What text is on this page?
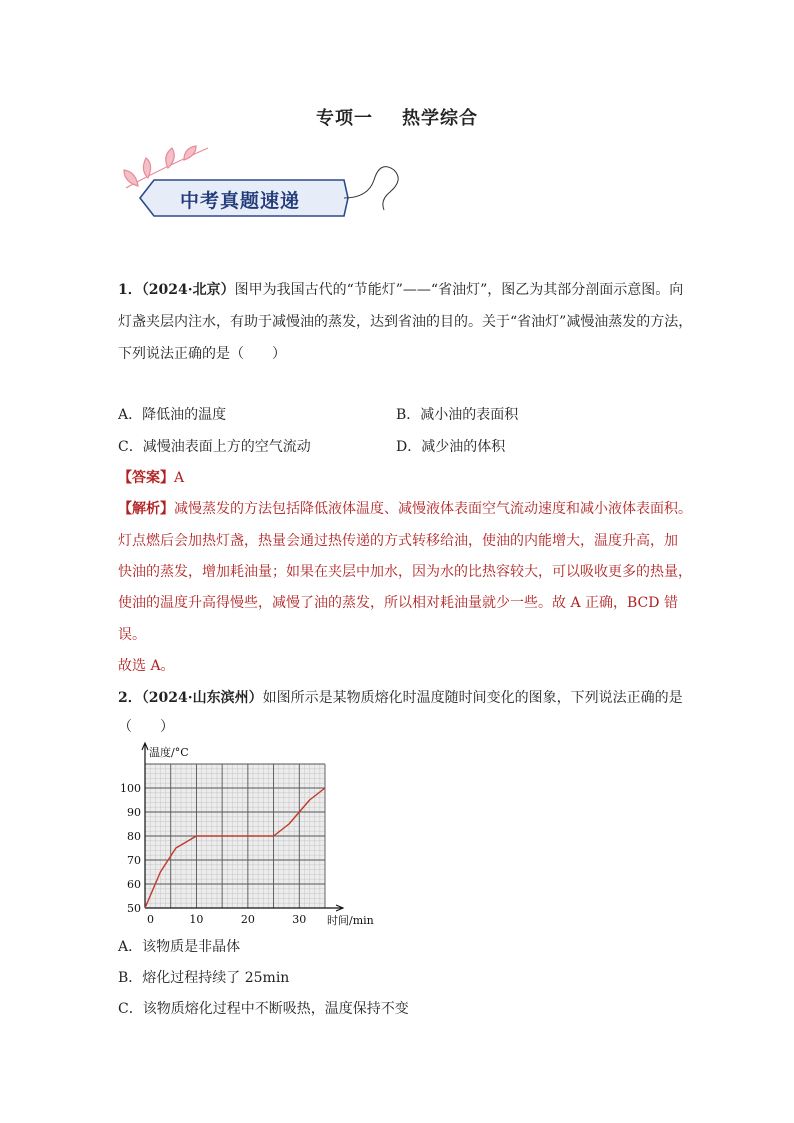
专项一    热学综合
中考真题速递
1．（2024·北京）图甲为我国古代的“节能灯”——“省油灯”，图乙为其部分剖面示意图。向
灯盏夹层内注水，有助于减慢油的蒸发，达到省油的目的。关于“省油灯”减慢油蒸发的方法，
下列说法正确的是（　　）
A．降低油的温度	B．减小油的表面积
C．减慢油表面上方的空气流动	D．减少油的体积
【答案】A
【解析】减慢蒸发的方法包括降低液体温度、减慢液体表面空气流动速度和减小液体表面积。
灯点燃后会加热灯盏，热量会通过热传递的方式转移给油，使油的内能增大，温度升高，加
快油的蒸发，增加耗油量；如果在夹层中加水，因为水的比热容较大，可以吸收更多的热量，
使油的温度升高得慢些，减慢了油的蒸发，所以相对耗油量就少一些。故 A 正确，BCD 错
误。
故选 A。
2．（2024·山东滨州）如图所示是某物质熔化时温度随时间变化的图象，下列说法正确的是
（　　）
50
60
70
80
90
100
10	20	30
0
温度/°C
时间/min
A．该物质是非晶体
B．熔化过程持续了 25min
C．该物质熔化过程中不断吸热，温度保持不变
